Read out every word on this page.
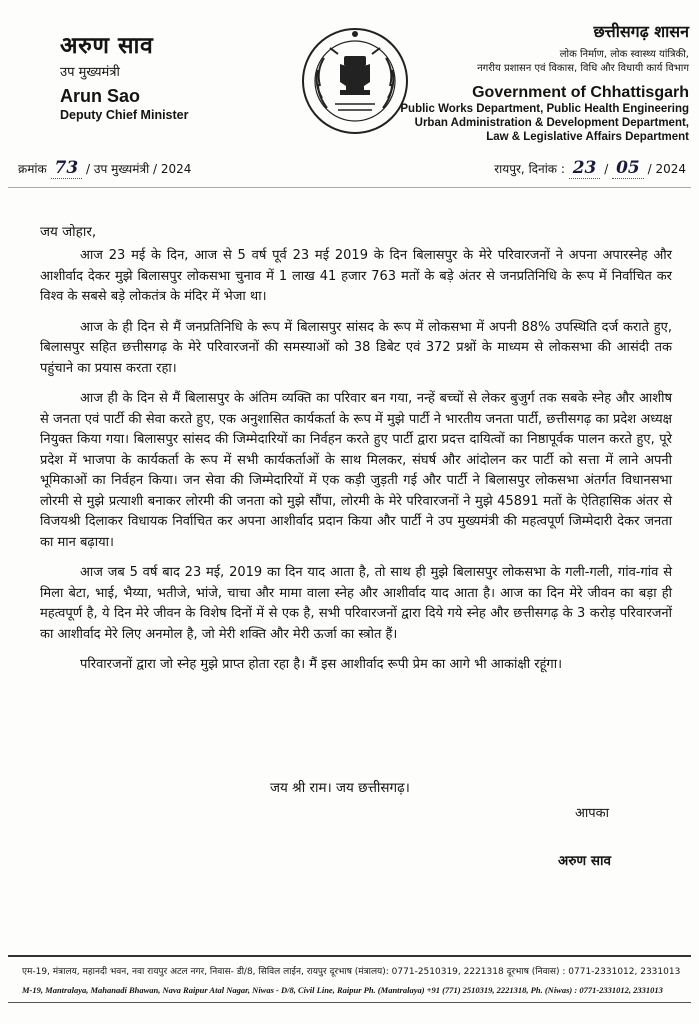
अरुण साव
उप मुख्यमंत्री
Arun Sao
Deputy Chief Minister
छत्तीसगढ़ शासन
लोक निर्माण, लोक स्वास्थ्य यांत्रिकी,
नगरीय प्रशासन एवं विकास, विधि और विधायी कार्य विभाग
Government of Chhattisgarh
Public Works Department, Public Health Engineering
Urban Administration & Development Department,
Law & Legislative Affairs Department
क्रमांक 73 / उप मुख्यमंत्री / 2024	रायपुर, दिनांक : 23 / 05 / 2024
जय जोहार,

आज 23 मई के दिन, आज से 5 वर्ष पूर्व 23 मई 2019 के दिन बिलासपुर के मेरे परिवारजनों ने अपना अपारस्नेह और आशीर्वाद देकर मुझे बिलासपुर लोकसभा चुनाव में 1 लाख 41 हजार 763 मतों के बड़े अंतर से जनप्रतिनिधि के रूप में निर्वाचित कर विश्व के सबसे बड़े लोकतंत्र के मंदिर में भेजा था।

आज के ही दिन से मैं जनप्रतिनिधि के रूप में बिलासपुर सांसद के रूप में लोकसभा में अपनी 88% उपस्थिति दर्ज कराते हुए, बिलासपुर सहित छत्तीसगढ़ के मेरे परिवारजनों की समस्याओं को 38 डिबेट एवं 372 प्रश्नों के माध्यम से लोकसभा की आसंदी तक पहुंचाने का प्रयास करता रहा।

आज ही के दिन से मैं बिलासपुर के अंतिम व्यक्ति का परिवार बन गया, नन्हें बच्चों से लेकर बुजुर्ग तक सबके स्नेह और आशीष से जनता एवं पार्टी की सेवा करते हुए, एक अनुशासित कार्यकर्ता के रूप में मुझे पार्टी ने भारतीय जनता पार्टी, छत्तीसगढ़ का प्रदेश अध्यक्ष नियुक्त किया गया। बिलासपुर सांसद की जिम्मेदारियों का निर्वहन करते हुए पार्टी द्वारा प्रदत्त दायित्वों का निष्ठापूर्वक पालन करते हुए, पूरे प्रदेश में भाजपा के कार्यकर्ता के रूप में सभी कार्यकर्ताओं के साथ मिलकर, संघर्ष और आंदोलन कर पार्टी को सत्ता में लाने अपनी भूमिकाओं का निर्वहन किया। जन सेवा की जिम्मेदारियों में एक कड़ी जुड़ती गई और पार्टी ने बिलासपुर लोकसभा अंतर्गत विधानसभा लोरमी से मुझे प्रत्याशी बनाकर लोरमी की जनता को मुझे सौंपा, लोरमी के मेरे परिवारजनों ने मुझे 45891 मतों के ऐतिहासिक अंतर से विजयश्री दिलाकर विधायक निर्वाचित कर अपना आशीर्वाद प्रदान किया और पार्टी ने उप मुख्यमंत्री की महत्वपूर्ण जिम्मेदारी देकर जनता का मान बढ़ाया।

आज जब 5 वर्ष बाद 23 मई, 2019 का दिन याद आता है, तो साथ ही मुझे बिलासपुर लोकसभा के गली-गली, गांव-गांव से मिला बेटा, भाई, भैय्या, भतीजे, भांजे, चाचा और मामा वाला स्नेह और आशीर्वाद याद आता है। आज का दिन मेरे जीवन का बड़ा ही महत्वपूर्ण है, ये दिन मेरे जीवन के विशेष दिनों में से एक है, सभी परिवारजनों द्वारा दिये गये स्नेह और छत्तीसगढ़ के 3 करोड़ परिवारजनों का आशीर्वाद मेरे लिए अनमोल है, जो मेरी शक्ति और मेरी ऊर्जा का स्त्रोत हैं।

परिवारजनों द्वारा जो स्नेह मुझे प्राप्त होता रहा है। मैं इस आशीर्वाद रूपी प्रेम का आगे भी आकांक्षी रहूंगा।

जय श्री राम। जय छत्तीसगढ़।
आपका
अरुण साव
एम-19, मंत्रालय, महानदी भवन, नवा रायपुर अटल नगर, निवास- डी/8, सिविल लाईन, रायपुर दूरभाष (मंत्रालय): 0771-2510319, 2221318 दूरभाष (निवास) : 0771-2331012, 2331013
M-19, Mantralaya, Mahanadi Bhawan, Nava Raipur Atal Nagar, Niwas - D/8, Civil Line, Raipur Ph. (Mantralaya) +91 (771) 2510319, 2221318, Ph. (Niwas) : 0771-2331012, 2331013
